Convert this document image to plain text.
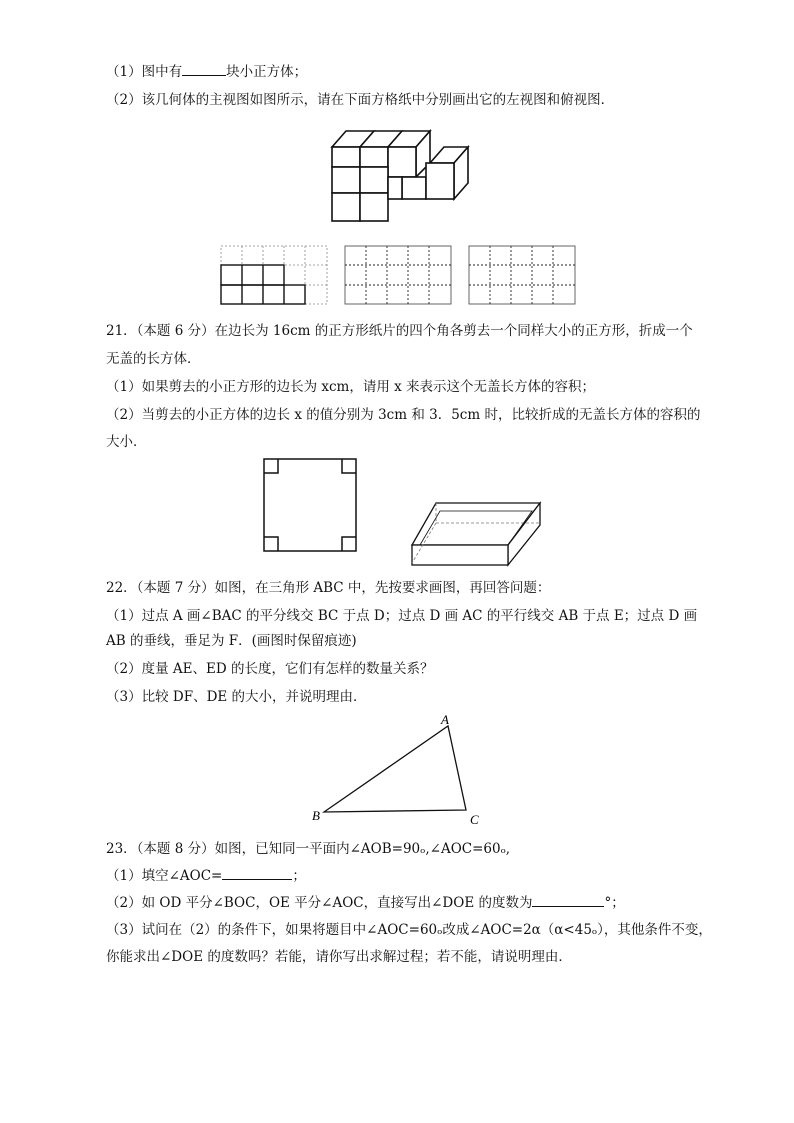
（1）图中有	块小正方体；
（2）该几何体的主视图如图所示，请在下面方格纸中分别画出它的左视图和俯视图．
21．（本题 6 分）在边长为 16cm 的正方形纸片的四个角各剪去一个同样大小的正方形，折成一个
无盖的长方体．
（1）如果剪去的小正方形的边长为 xcm，请用 x 来表示这个无盖长方体的容积；
（2）当剪去的小正方体的边长 x 的值分别为 3cm 和 3．5cm 时，比较折成的无盖长方体的容积的
大小．
22．（本题 7 分）如图，在三角形 ABC 中，先按要求画图，再回答问题：
（1）过点 A 画∠BAC 的平分线交 BC 于点 D；过点 D 画 AC 的平行线交 AB 于点 E；过点 D 画
AB 的垂线，垂足为 F．(画图时保留痕迹)
（2）度量 AE、ED 的长度，它们有怎样的数量关系？
（3）比较 DF、DE 的大小，并说明理由．
A
B	C
23．（本题 8 分）如图，已知同一平面内∠AOB=90ₒ,∠AOC=60ₒ,
（1）填空∠AOC=	；
（2）如 OD 平分∠BOC，OE 平分∠AOC，直接写出∠DOE 的度数为	°；
（3）试问在（2）的条件下，如果将题目中∠AOC=60ₒ改成∠AOC=2α（α<45ₒ），其他条件不变，
你能求出∠DOE 的度数吗？若能，请你写出求解过程；若不能，请说明理由．
